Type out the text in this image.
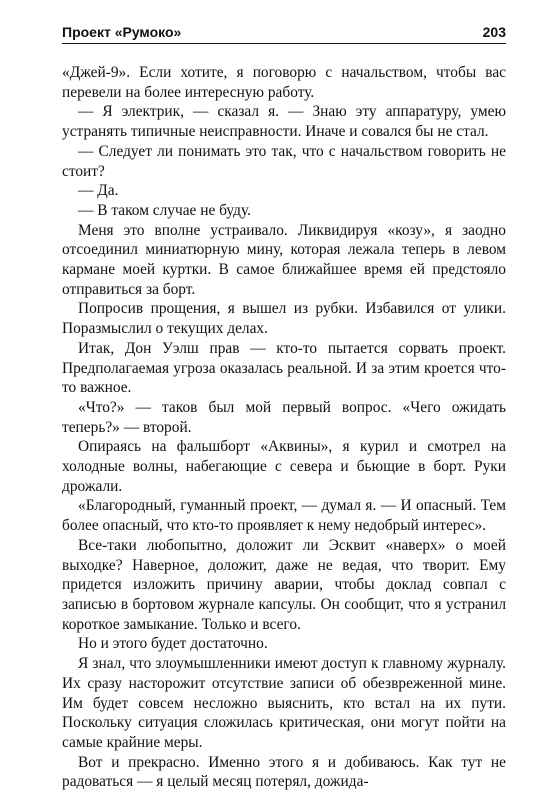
Проект «Румоко»	203

«Джей-9». Если хотите, я поговорю с начальством, чтобы вас перевели на более интересную работу.

— Я электрик, — сказал я. — Знаю эту аппаратуру, умею устранять типичные неисправности. Иначе и совался бы не стал.

— Следует ли понимать это так, что с начальством говорить не стоит?

— Да.

— В таком случае не буду.

Меня это вполне устраивало. Ликвидируя «козу», я заодно отсоединил миниатюрную мину, которая лежала теперь в левом кармане моей куртки. В самое ближайшее время ей предстояло отправиться за борт.

Попросив прощения, я вышел из рубки. Избавился от улики. Поразмыслил о текущих делах.

Итак, Дон Уэлш прав — кто-то пытается сорвать проект. Предполагаемая угроза оказалась реальной. И за этим кроется что-то важное.

«Что?» — таков был мой первый вопрос. «Чего ожидать теперь?» — второй.

Опираясь на фальшборт «Аквины», я курил и смотрел на холодные волны, набегающие с севера и бьющие в борт. Руки дрожали.

«Благородный, гуманный проект, — думал я. — И опасный. Тем более опасный, что кто-то проявляет к нему недобрый интерес».

Все-таки любопытно, доложит ли Эсквит «наверх» о моей выходке? Наверное, доложит, даже не ведая, что творит. Ему придется изложить причину аварии, чтобы доклад совпал с записью в бортовом журнале капсулы. Он сообщит, что я устранил короткое замыкание. Только и всего.

Но и этого будет достаточно.

Я знал, что злоумышленники имеют доступ к главному журналу. Их сразу насторожит отсутствие записи об обезвреженной мине. Им будет совсем несложно выяснить, кто встал на их пути. Поскольку ситуация сложилась критическая, они могут пойти на самые крайние меры.

Вот и прекрасно. Именно этого я и добиваюсь. Как тут не радоваться — я целый месяц потерял, дожида-
